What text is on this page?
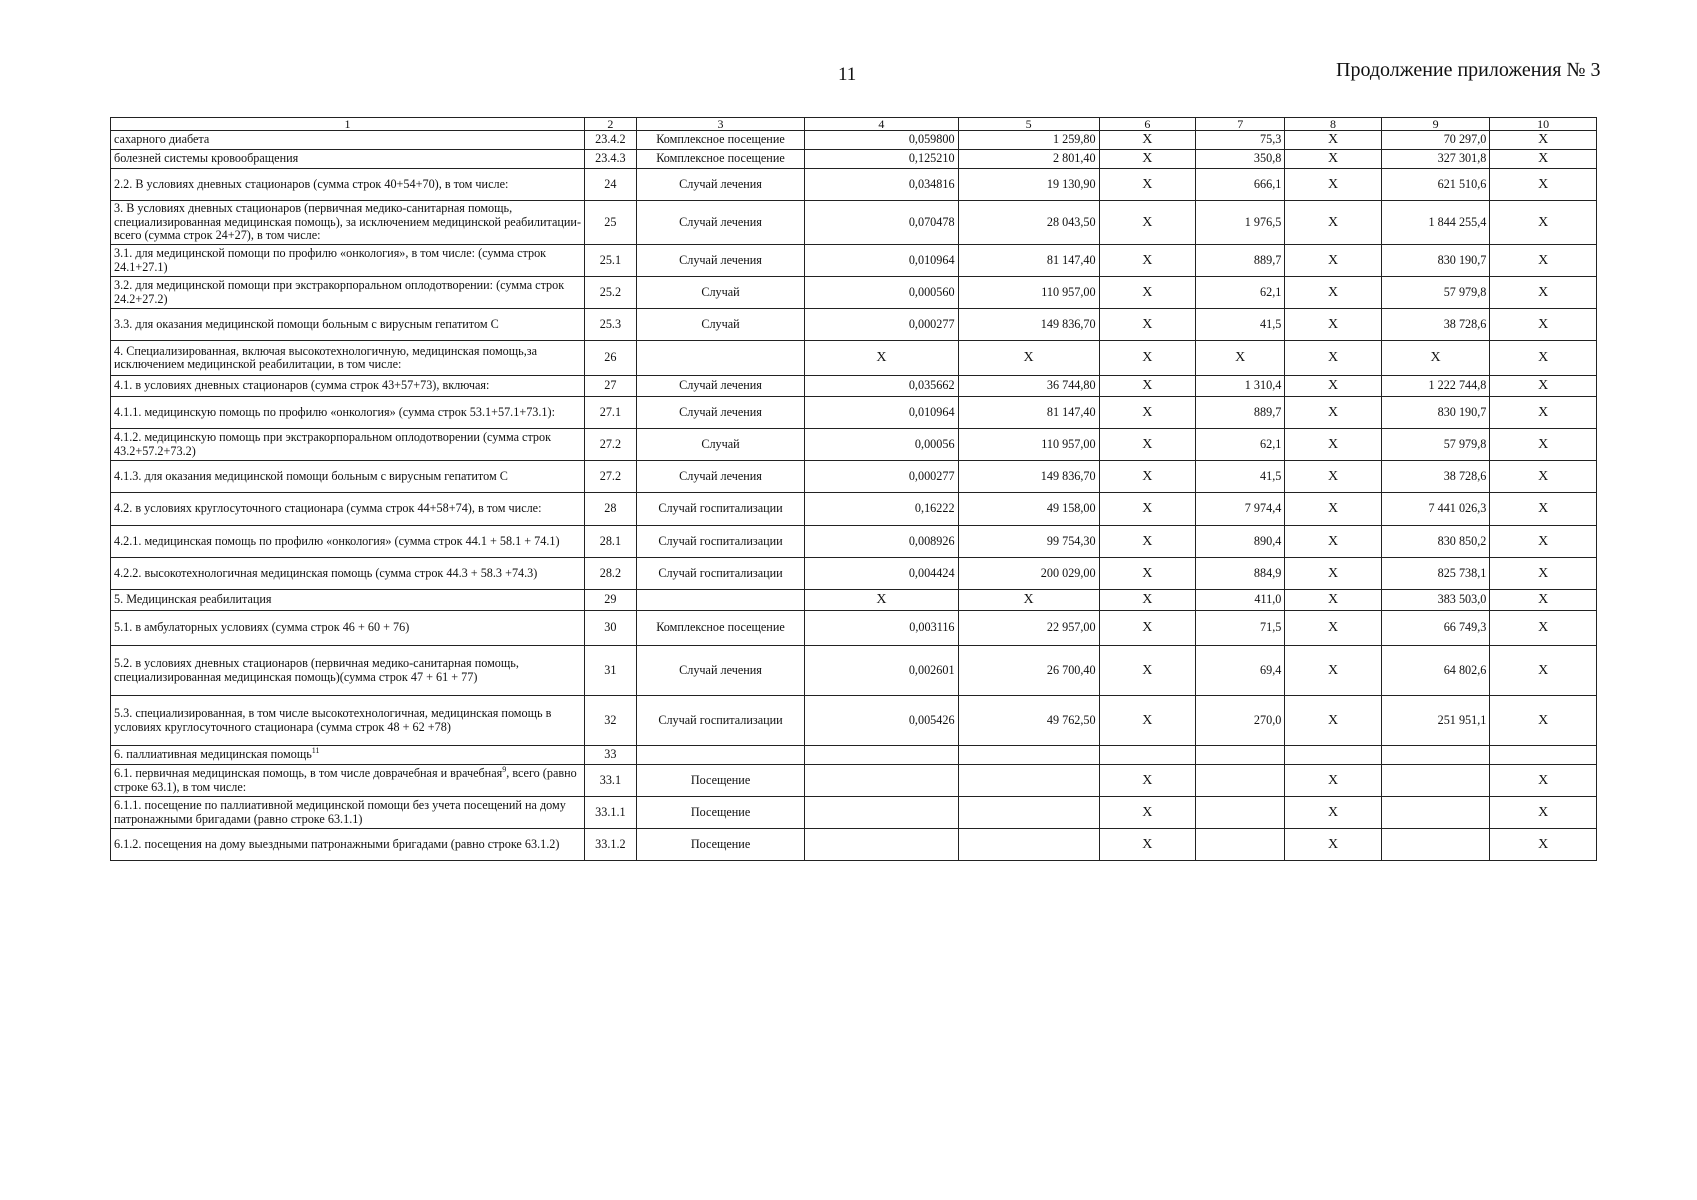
11	Продолжение приложения № 3
1	2	3	4	5	6	7	8	9	10
сахарного диабета	23.4.2	Комплексное посещение	0,059800	1 259,80	X	75,3	X	70 297,0	X
болезней системы кровообращения	23.4.3	Комплексное посещение	0,125210	2 801,40	X	350,8	X	327 301,8	X
2.2. В условиях дневных стационаров (сумма строк 40+54+70), в том числе:	24	Случай лечения	0,034816	19 130,90	X	666,1	X	621 510,6	X
3. В условиях дневных стационаров (первичная медико-санитарная помощь, специализированная медицинская помощь), за исключением медицинской реабилитации-всего (сумма строк 24+27), в том числе:	25	Случай лечения	0,070478	28 043,50	X	1 976,5	X	1 844 255,4	X
3.1. для медицинской помощи по профилю «онкология», в том числе: (сумма строк 24.1+27.1)	25.1	Случай лечения	0,010964	81 147,40	X	889,7	X	830 190,7	X
3.2. для медицинской помощи при экстракорпоральном оплодотворении: (сумма строк 24.2+27.2)	25.2	Случай	0,000560	110 957,00	X	62,1	X	57 979,8	X
3.3. для оказания медицинской помощи больным с вирусным гепатитом С	25.3	Случай	0,000277	149 836,70	X	41,5	X	38 728,6	X
4. Специализированная, включая высокотехнологичную, медицинская помощь,за исключением медицинской реабилитации, в том числе:	26		X	X	X	X	X	X	X
4.1. в условиях дневных стационаров (сумма строк 43+57+73), включая:	27	Случай лечения	0,035662	36 744,80	X	1 310,4	X	1 222 744,8	X
4.1.1. медицинскую помощь по профилю «онкология» (сумма строк 53.1+57.1+73.1):	27.1	Случай лечения	0,010964	81 147,40	X	889,7	X	830 190,7	X
4.1.2. медицинскую помощь при экстракорпоральном оплодотворении (сумма строк 43.2+57.2+73.2)	27.2	Случай	0,00056	110 957,00	X	62,1	X	57 979,8	X
4.1.3. для оказания медицинской помощи больным с вирусным гепатитом С	27.2	Случай лечения	0,000277	149 836,70	X	41,5	X	38 728,6	X
4.2. в условиях круглосуточного стационара (сумма строк 44+58+74), в том числе:	28	Случай госпитализации	0,16222	49 158,00	X	7 974,4	X	7 441 026,3	X
4.2.1. медицинская помощь по профилю «онкология» (сумма строк 44.1 + 58.1 + 74.1)	28.1	Случай госпитализации	0,008926	99 754,30	X	890,4	X	830 850,2	X
4.2.2. высокотехнологичная медицинская помощь (сумма строк 44.3 + 58.3 +74.3)	28.2	Случай госпитализации	0,004424	200 029,00	X	884,9	X	825 738,1	X
5. Медицинская реабилитация	29		X	X	X	411,0	X	383 503,0	X
5.1. в амбулаторных условиях (сумма строк 46 + 60 + 76)	30	Комплексное посещение	0,003116	22 957,00	X	71,5	X	66 749,3	X
5.2. в условиях дневных стационаров (первичная медико-санитарная помощь, специализированная медицинская помощь)(сумма строк 47 + 61 + 77)	31	Случай лечения	0,002601	26 700,40	X	69,4	X	64 802,6	X
5.3. специализированная, в том числе высокотехнологичная, медицинская помощь в условиях круглосуточного стационара (сумма строк 48 + 62 +78)	32	Случай госпитализации	0,005426	49 762,50	X	270,0	X	251 951,1	X
6. паллиативная медицинская помощь$^{11}$	33								
6.1. первичная медицинская помощь, в том числе доврачебная и врачебная$^9$, всего (равно строке 63.1), в том числе:	33.1	Посещение			X		X		X
6.1.1. посещение по паллиативной медицинской помощи без учета посещений на дому патронажными бригадами (равно строке 63.1.1)	33.1.1	Посещение			X		X		X
6.1.2. посещения на дому выездными патронажными бригадами (равно строке 63.1.2)	33.1.2	Посещение			X		X		X
